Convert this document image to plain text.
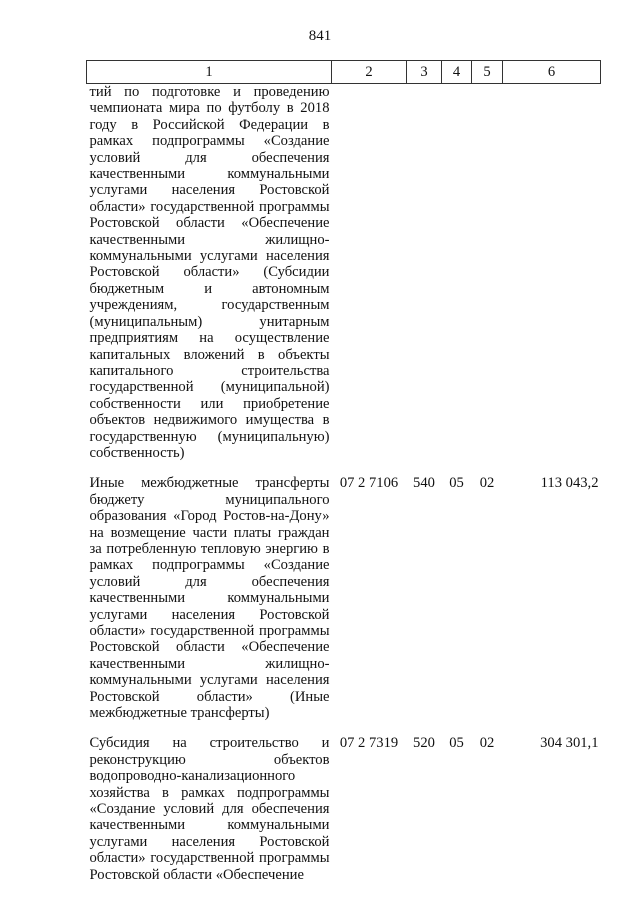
841
1	2	3	4	5	6
тий по подготовке и проведению чемпионата мира по футболу в 2018 году в Российской Федерации в рамках подпрограммы «Создание условий для обеспечения качественными коммунальными услугами населения Ростовской области» государственной программы Ростовской области «Обеспечение качественными жилищно-коммунальными услугами населения Ростовской области» (Субсидии бюджетным и автономным учреждениям, государственным (муниципальным) унитарным предприятиям на осуществление капитальных вложений в объекты капитального строительства государственной (муниципальной) собственности или приобретение объектов недвижимого имущества в государственную (муниципальную) собственность)					

Иные межбюджетные трансферты бюджету муниципального образования «Город Ростов-на-Дону» на возмещение части платы граждан за потребленную тепловую энергию в рамках подпрограммы «Создание условий для обеспечения качественными коммунальными услугами населения Ростовской области» государственной программы Ростовской области «Обеспечение качественными жилищно-коммунальными услугами населения Ростовской области» (Иные межбюджетные трансферты)	07 2 7106	540	05	02	113 043,2

Субсидия на строительство и реконструкцию объектов водопроводно-канализационного хозяйства в рамках подпрограммы «Создание условий для обеспечения качественными коммунальными услугами населения Ростовской области» государственной программы Ростовской области «Обеспечение	07 2 7319	520	05	02	304 301,1
